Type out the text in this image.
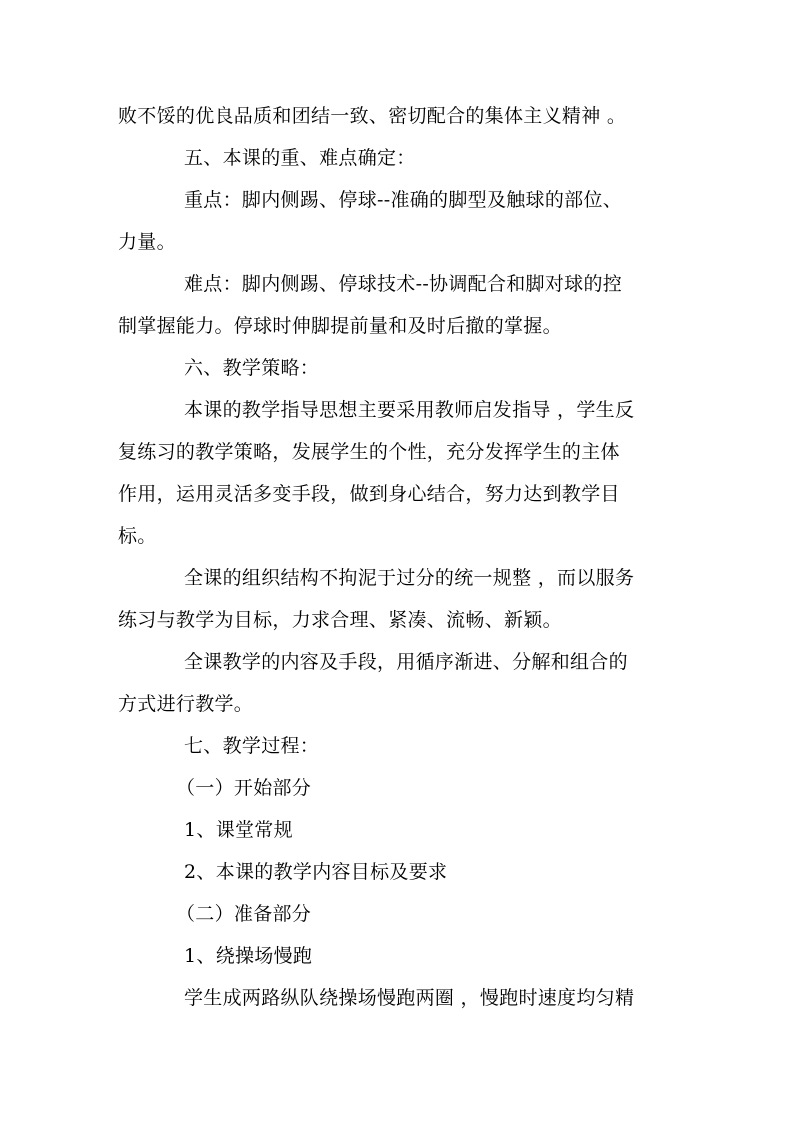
败不馁的优良品质和团结一致、密切配合的集体主义精神 。
五、本课的重、难点确定：
重点：脚内侧踢、停球--准确的脚型及触球的部位、
力量。
难点：脚内侧踢、停球技术--协调配合和脚对球的控
制掌握能力。停球时伸脚提前量和及时后撤的掌握。
六、教学策略：
本课的教学指导思想主要采用教师启发指导 ，学生反
复练习的教学策略，发展学生的个性，充分发挥学生的主体
作用，运用灵活多变手段，做到身心结合，努力达到教学目
标。
全课的组织结构不拘泥于过分的统一规整 ，而以服务
练习与教学为目标，力求合理、紧凑、流畅、新颖。
全课教学的内容及手段，用循序渐进、分解和组合的
方式进行教学。
七、教学过程：
（一）开始部分
1、课堂常规
2、本课的教学内容目标及要求
（二）准备部分
1、绕操场慢跑
学生成两路纵队绕操场慢跑两圈 ，慢跑时速度均匀精
